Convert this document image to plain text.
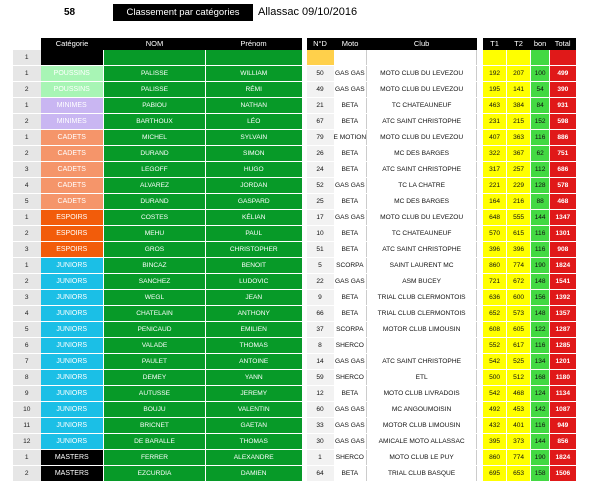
58	Classement par catégories	Allassac 09/10/2016
	Catégorie	NOM	Prénom		N°D	Moto	Club		T1	T2	bon	Total
1												
1	POUSSINS	PALISSE	WILLIAM		50	GAS GAS	MOTO CLUB DU LEVEZOU		192	207	100	499
2	POUSSINS	PALISSE	RÉMI		49	GAS GAS	MOTO CLUB DU LEVEZOU		195	141	54	390
1	MINIMES	PABIOU	NATHAN		21	BETA	TC CHATEAUNEUF		463	384	84	931
2	MINIMES	BARTHOUX	LÉO		67	BETA	ATC SAINT CHRISTOPHE		231	215	152	598
1	CADETS	MICHEL	SYLVAIN		79	E MOTION	MOTO CLUB DU LEVEZOU		407	363	116	886
2	CADETS	DURAND	SIMON		26	BETA	MC DES BARGES		322	367	62	751
3	CADETS	LEGOFF	HUGO		24	BETA	ATC SAINT CHRISTOPHE		317	257	112	686
4	CADETS	ALVAREZ	JORDAN		52	GAS GAS	TC LA CHATRE		221	229	128	578
5	CADETS	DURAND	GASPARD		25	BETA	MC DES BARGES		164	216	88	468
1	ESPOIRS	COSTES	KÉLIAN		17	GAS GAS	MOTO CLUB DU LEVEZOU		648	555	144	1347
2	ESPOIRS	MEHU	PAUL		10	BETA	TC CHATEAUNEUF		570	615	116	1301
3	ESPOIRS	GROS	CHRISTOPHER		51	BETA	ATC SAINT CHRISTOPHE		396	396	116	908
1	JUNIORS	BINCAZ	BENOIT		5	SCORPA	SAINT LAURENT MC		860	774	190	1824
2	JUNIORS	SANCHEZ	LUDOVIC		22	GAS GAS	ASM BUCEY		721	672	148	1541
3	JUNIORS	WEGL	JEAN		9	BETA	TRIAL CLUB CLERMONTOIS		636	600	156	1392
4	JUNIORS	CHATELAIN	ANTHONY		66	BETA	TRIAL CLUB CLERMONTOIS		652	573	148	1357
5	JUNIORS	PENICAUD	EMILIEN		37	SCORPA	MOTOR CLUB LIMOUSIN		608	605	122	1287
6	JUNIORS	VALADE	THOMAS		8	SHERCO			552	617	116	1285
7	JUNIORS	PAULET	ANTOINE		14	GAS GAS	ATC SAINT CHRISTOPHE		542	525	134	1201
8	JUNIORS	DEMEY	YANN		59	SHERCO	ETL		500	512	168	1180
9	JUNIORS	AUTUSSE	JEREMY		12	BETA	MOTO CLUB LIVRADOIS		542	468	124	1134
10	JUNIORS	BOUJU	VALENTIN		60	GAS GAS	MC ANGOUMOISIN		492	453	142	1087
11	JUNIORS	BRICNET	GAETAN		33	GAS GAS	MOTOR CLUB LIMOUSIN		432	401	116	949
12	JUNIORS	DE BARALLE	THOMAS		30	GAS GAS	AMICALE MOTO ALLASSAC		395	373	144	856
1	MASTERS	FERRER	ALEXANDRE		1	SHERCO	MOTO CLUB LE PUY		860	774	190	1824
2	MASTERS	EZCURDIA	DAMIEN		64	BETA	TRIAL CLUB BASQUE		695	653	158	1506
